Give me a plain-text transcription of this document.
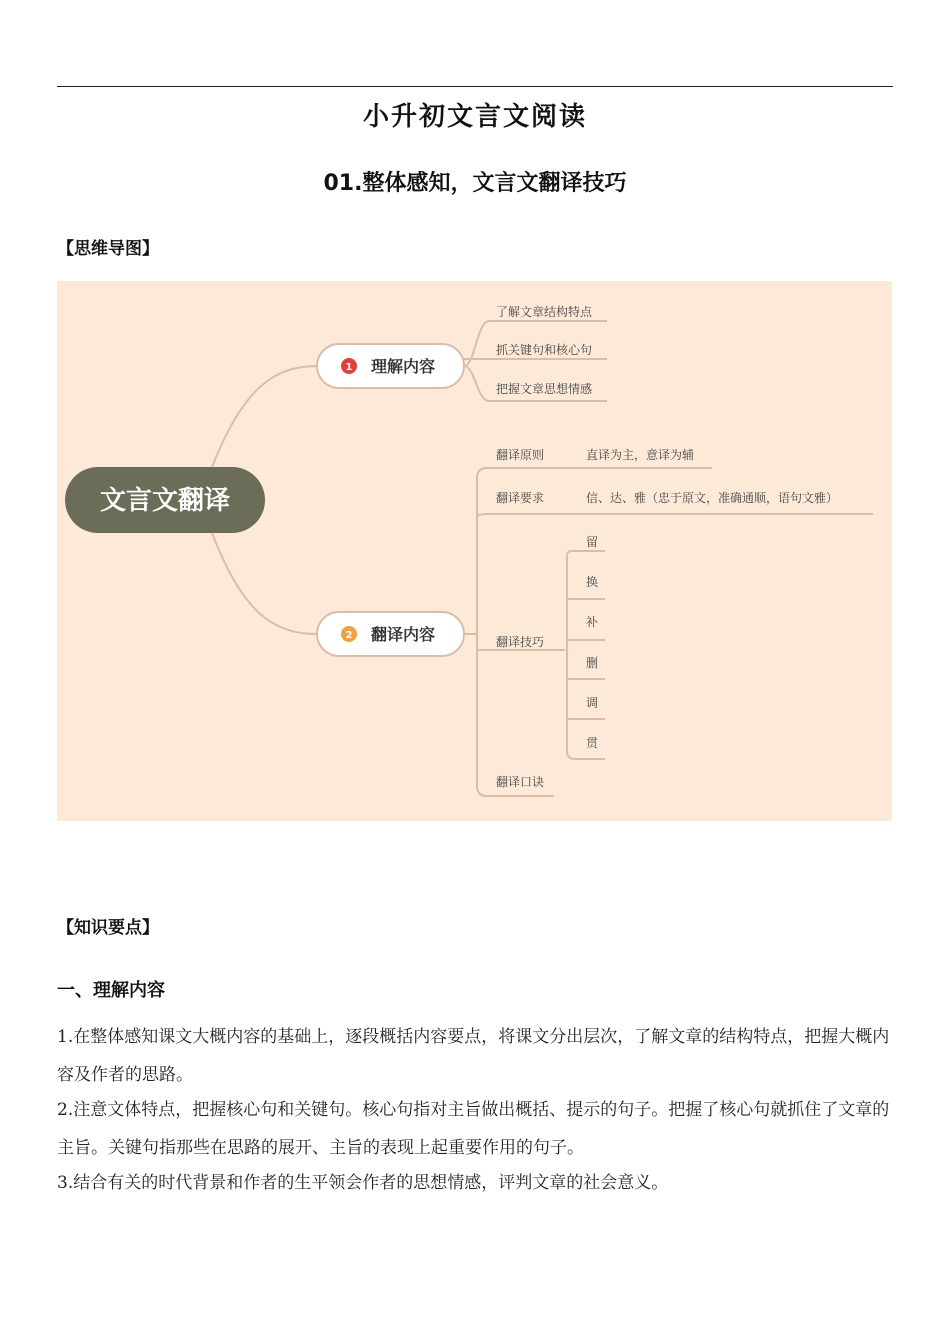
小升初文言文阅读
01.整体感知，文言文翻译技巧
【思维导图】
文言文翻译
1 理解内容
了解文章结构特点
抓关键句和核心句
把握文章思想情感
2 翻译内容
翻译原则	直译为主，意译为辅
翻译要求	信、达、雅（忠于原文，准确通顺，语句文雅）
翻译技巧
翻译口诀
留
换
补
删
调
贯
【知识要点】
一、理解内容
1.在整体感知课文大概内容的基础上，逐段概括内容要点，将课文分出层次，了解文章的结构特点，把握大概内容及作者的思路。
2.注意文体特点，把握核心句和关键句。核心句指对主旨做出概括、提示的句子。把握了核心句就抓住了文章的主旨。关键句指那些在思路的展开、主旨的表现上起重要作用的句子。
3.结合有关的时代背景和作者的生平领会作者的思想情感，评判文章的社会意义。
